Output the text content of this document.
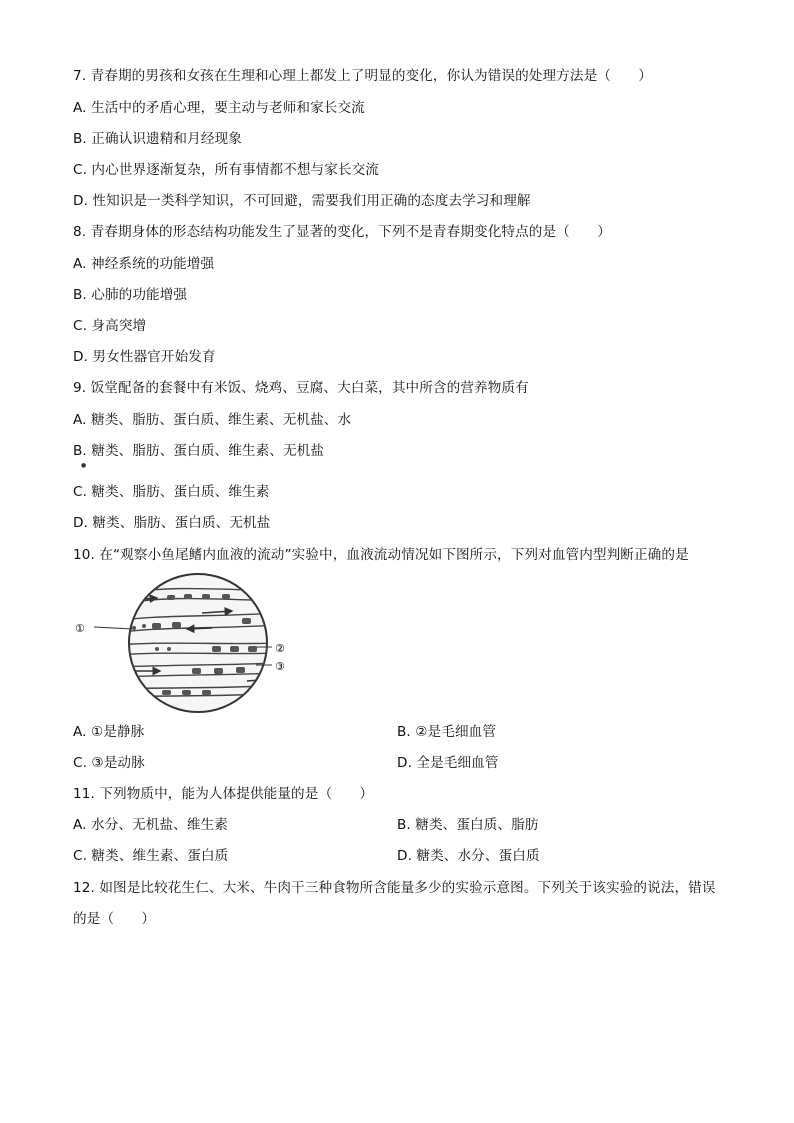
7. 青春期的男孩和女孩在生理和心理上都发上了明显的变化，你认为错误的处理方法是（　　）
A. 生活中的矛盾心理，要主动与老师和家长交流
B. 正确认识遗精和月经现象
C. 内心世界逐渐复杂，所有事情都不想与家长交流
D. 性知识是一类科学知识，不可回避，需要我们用正确的态度去学习和理解
8. 青春期身体的形态结构功能发生了显著的变化，下列不是青春期变化特点的是（　　）
A. 神经系统的功能增强
B. 心肺的功能增强
C. 身高突增
D. 男女性器官开始发育
9. 饭堂配备的套餐中有米饭、烧鸡、豆腐、大白菜，其中所含的营养物质有
A. 糖类、脂肪、蛋白质、维生素、无机盐、水
B. 糖类、脂肪、蛋白质、维生素、无机盐
●
C. 糖类、脂肪、蛋白质、维生素
D. 糖类、脂肪、蛋白质、无机盐
10. 在“观察小鱼尾鳍内血液的流动”实验中，血液流动情况如下图所示，下列对血管内型判断正确的是
①
②
③
A. ①是静脉	B. ②是毛细血管
C. ③是动脉	D. 全是毛细血管
11. 下列物质中，能为人体提供能量的是（　　）
A. 水分、无机盐、维生素	B. 糖类、蛋白质、脂肪
C. 糖类、维生素、蛋白质	D. 糖类、水分、蛋白质
12. 如图是比较花生仁、大米、牛肉干三种食物所含能量多少的实验示意图。下列关于该实验的说法，错误
的是（　　）
